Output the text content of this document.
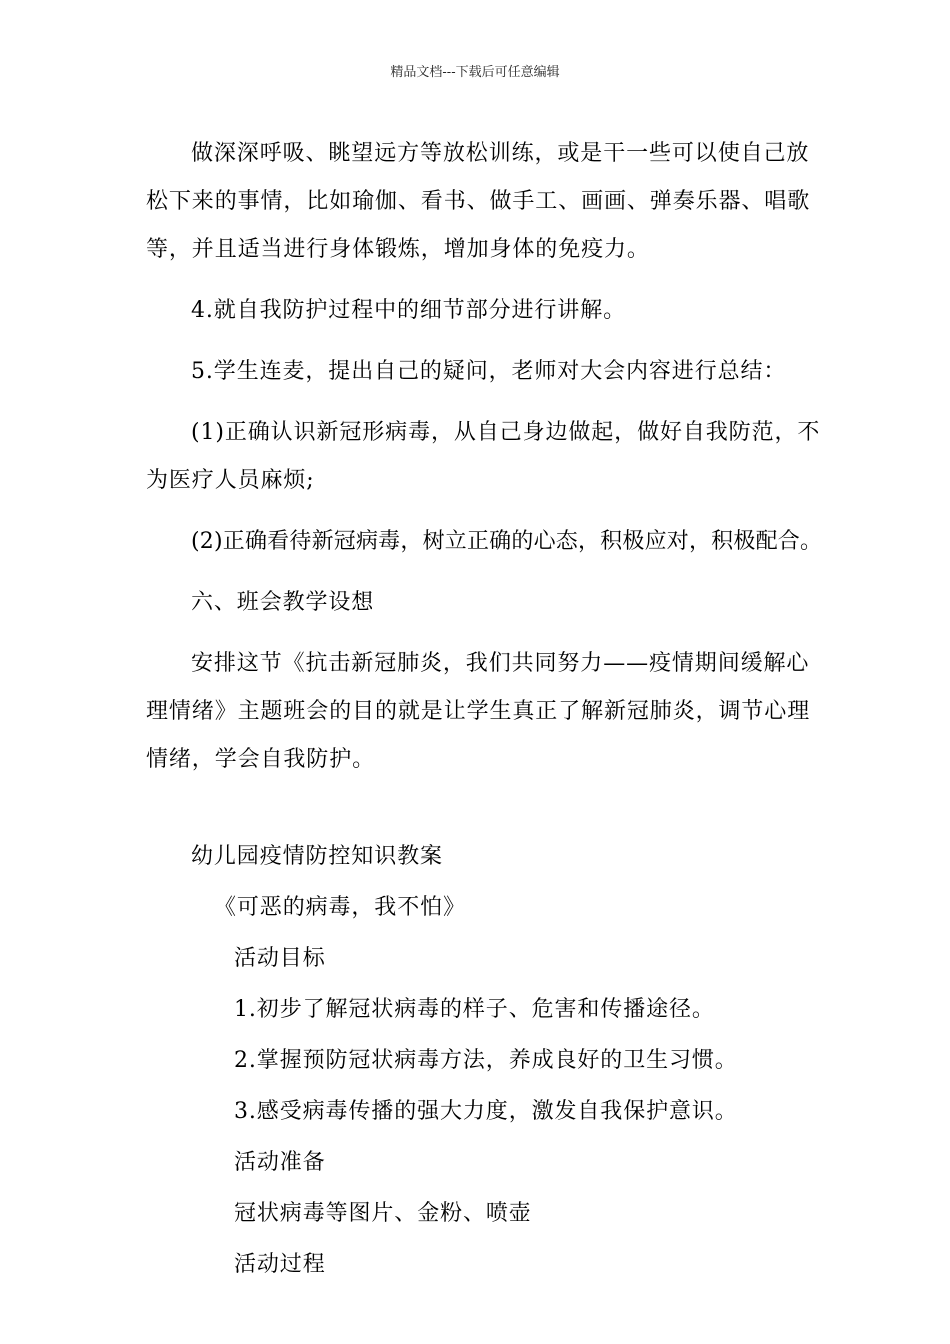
精品文档---下载后可任意编辑

做深深呼吸、眺望远方等放松训练，或是干一些可以使自己放松下来的事情，比如瑜伽、看书、做手工、画画、弹奏乐器、唱歌等，并且适当进行身体锻炼，增加身体的免疫力。

4.就自我防护过程中的细节部分进行讲解。

5.学生连麦，提出自己的疑问，老师对大会内容进行总结：

(1)正确认识新冠形病毒，从自己身边做起，做好自我防范，不为医疗人员麻烦;

(2)正确看待新冠病毒，树立正确的心态，积极应对，积极配合。

六、班会教学设想

安排这节《抗击新冠肺炎，我们共同努力——疫情期间缓解心理情绪》主题班会的目的就是让学生真正了解新冠肺炎，调节心理情绪，学会自我防护。

幼儿园疫情防控知识教案

《可恶的病毒，我不怕》

活动目标

1.初步了解冠状病毒的样子、危害和传播途径。

2.掌握预防冠状病毒方法，养成良好的卫生习惯。

3.感受病毒传播的强大力度，激发自我保护意识。

活动准备

冠状病毒等图片、金粉、喷壶

活动过程
